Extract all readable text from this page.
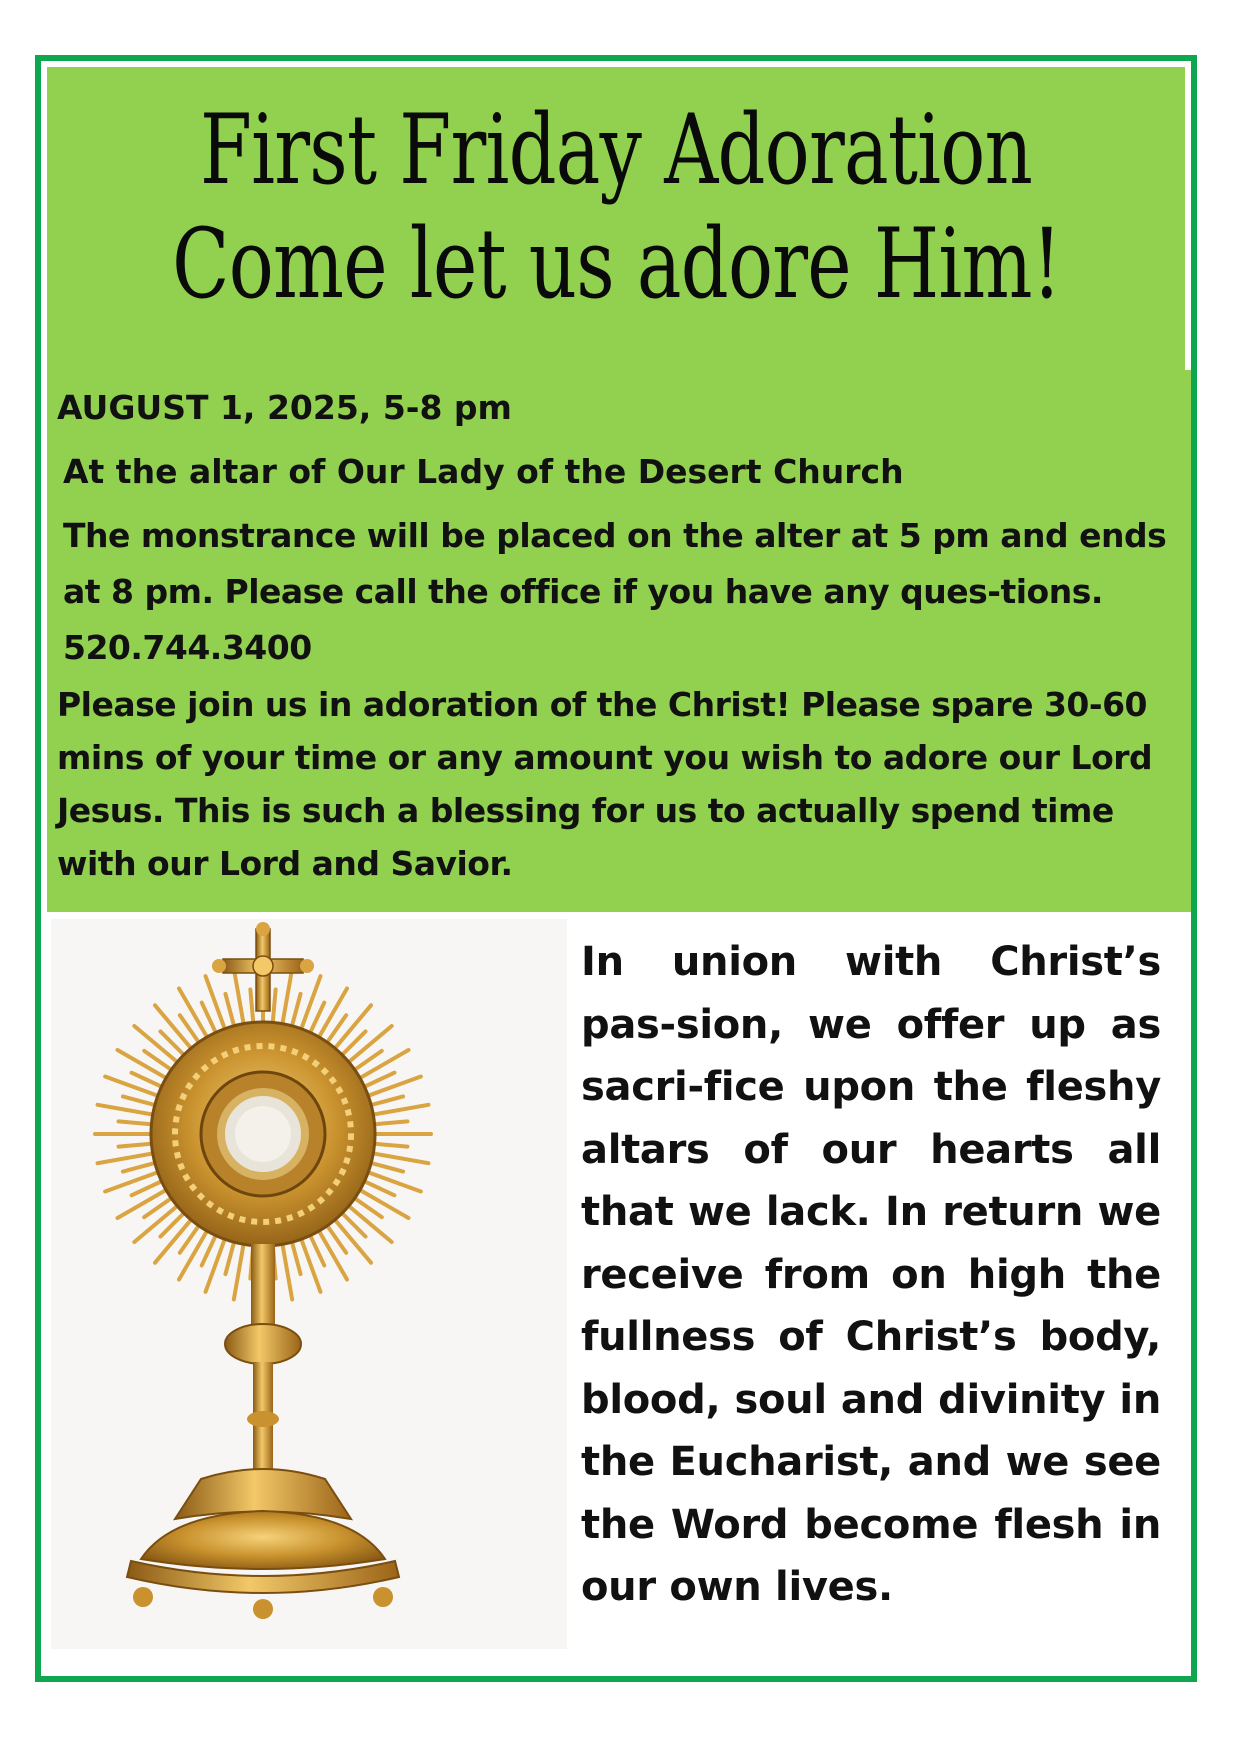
First Friday Adoration
Come let us adore Him!
AUGUST 1, 2025, 5-8 pm
At the altar of Our Lady of the Desert Church
The monstrance will be placed on the alter at 5 pm and ends at 8 pm. Please call the office if you have any ques-tions. 520.744.3400
Please join us in adoration of the Christ! Please spare 30-60 mins of your time or any amount you wish to adore our Lord Jesus. This is such a blessing for us to actually spend time with our Lord and Savior.
In union with Christ’s pas-sion, we offer up as sacri-fice upon the fleshy altars of our hearts all that we lack. In return we receive from on high the fullness of Christ’s body, blood, soul and divinity in the Eucharist, and we see the Word become flesh in our own lives.
